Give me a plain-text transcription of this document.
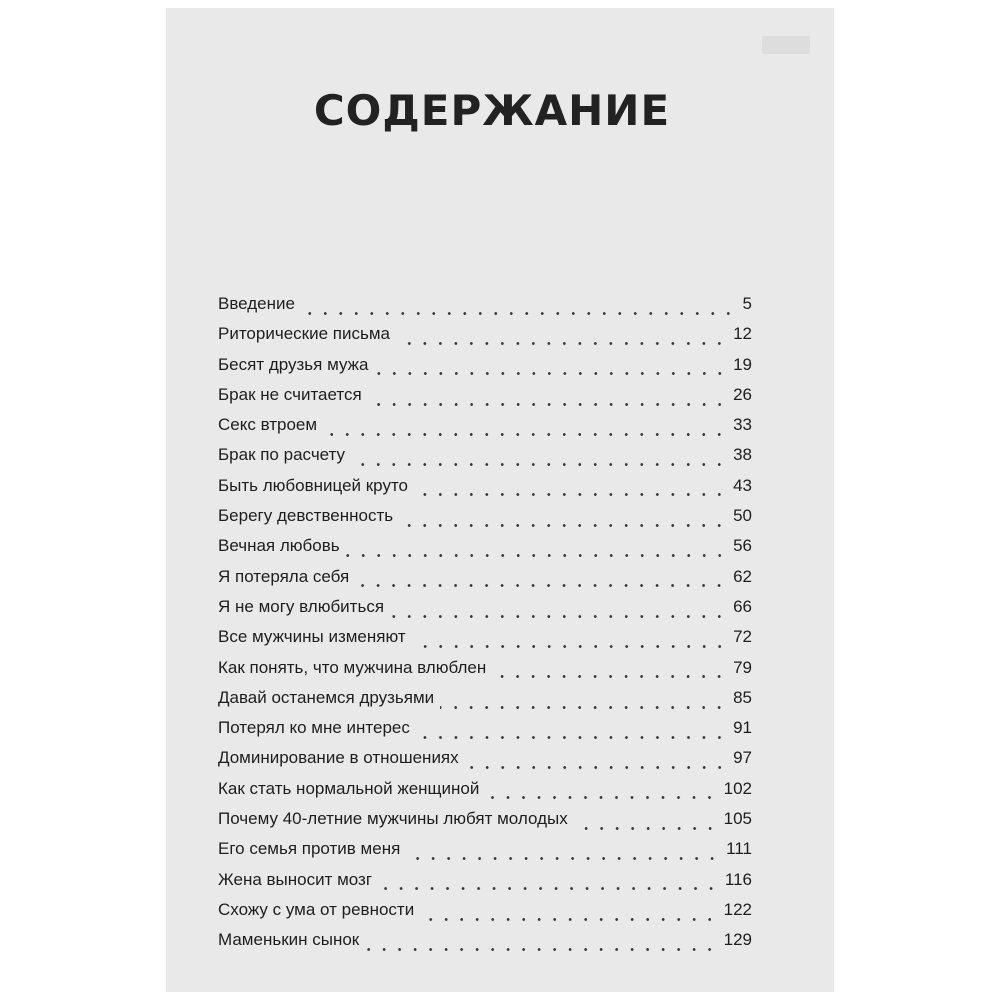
СОДЕРЖАНИЕ
Введение	5
Риторические письма	12
Бесят друзья мужа	19
Брак не считается	26
Секс втроем	33
Брак по расчету	38
Быть любовницей круто	43
Берегу девственность	50
Вечная любовь	56
Я потеряла себя	62
Я не могу влюбиться	66
Все мужчины изменяют	72
Как понять, что мужчина влюблен	79
Давай останемся друзьями	85
Потерял ко мне интерес	91
Доминирование в отношениях	97
Как стать нормальной женщиной	102
Почему 40-летние мужчины любят молодых	105
Его семья против меня	111
Жена выносит мозг	116
Схожу с ума от ревности	122
Маменькин сынок	129
